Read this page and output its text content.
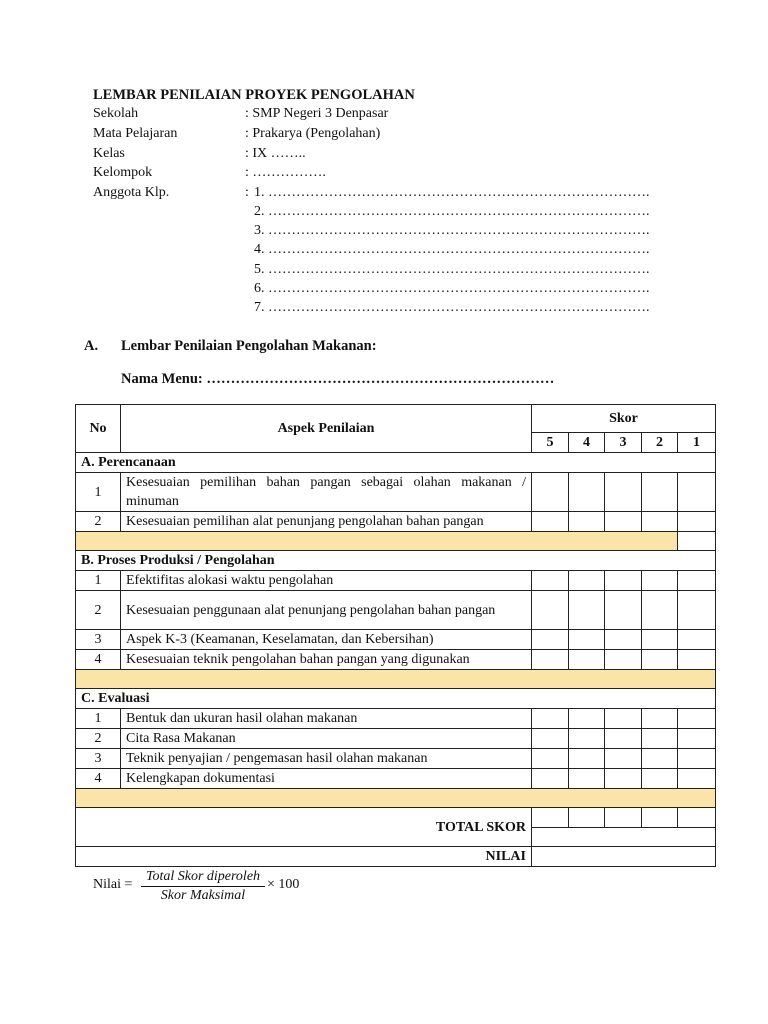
LEMBAR PENILAIAN PROYEK PENGOLAHAN
Sekolah	: SMP Negeri 3 Denpasar
Mata Pelajaran	: Prakarya (Pengolahan)
Kelas	: IX ……..
Kelompok	: …………….
Anggota Klp.	: 1. ……………………………………………………………………….
2. ……………………………………………………………………….
3. ……………………………………………………………………….
4. ……………………………………………………………………….
5. ……………………………………………………………………….
6. ……………………………………………………………………….
7. ……………………………………………………………………….
A. Lembar Penilaian Pengolahan Makanan:
Nama Menu: ………………………………………………………………
No	Aspek Penilaian	Skor				
		5	4	3	2	1
A. Perencanaan						
1	Kesesuaian pemilihan bahan pangan sebagai olahan makanan / minuman					
2	Kesesuaian pemilihan alat penunjang pengolahan bahan pangan					

B. Proses Produksi / Pengolahan						
1	Efektifitas alokasi waktu pengolahan					
2	Kesesuaian penggunaan alat penunjang pengolahan bahan pangan					
3	Aspek K-3 (Keamanan, Keselamatan, dan Kebersihan)					
4	Kesesuaian teknik pengolahan bahan pangan yang digunakan					

C. Evaluasi						
1	Bentuk dan ukuran hasil olahan makanan					
2	Cita Rasa Makanan					
3	Teknik penyajian / pengemasan hasil olahan makanan					
4	Kelengkapan dokumentasi					

TOTAL SKOR						

NILAI						
Nilai =
Total Skor diperoleh
Skor Maksimal
× 100
